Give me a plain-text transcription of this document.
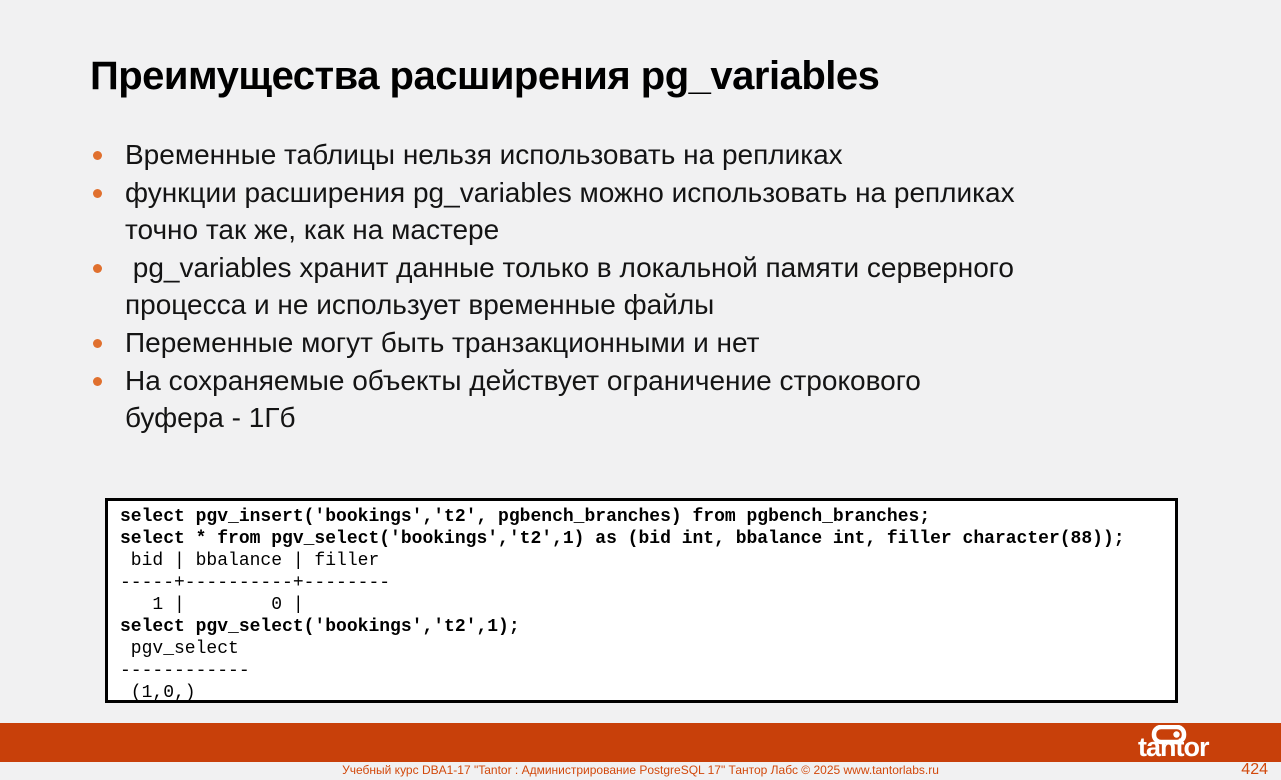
Преимущества расширения pg_variables
Временные таблицы нельзя использовать на репликах
функции расширения pg_variables можно использовать на репликах
точно так же, как на мастере
pg_variables хранит данные только в локальной памяти серверного
процесса и не использует временные файлы
Переменные могут быть транзакционными и нет
На сохраняемые объекты действует ограничение строкового
буфера - 1Гб
select pgv_insert('bookings','t2', pgbench_branches) from pgbench_branches;
select * from pgv_select('bookings','t2',1) as (bid int, bbalance int, filler character(88));
bid | bbalance | filler
-----+----------+--------
1 |        0 |
select pgv_select('bookings','t2',1);
pgv_select
------------
(1,0,)
tantor
Учебный курс DBA1-17 "Tantor : Администрирование PostgreSQL 17" Тантор Лабс © 2025 www.tantorlabs.ru	424
